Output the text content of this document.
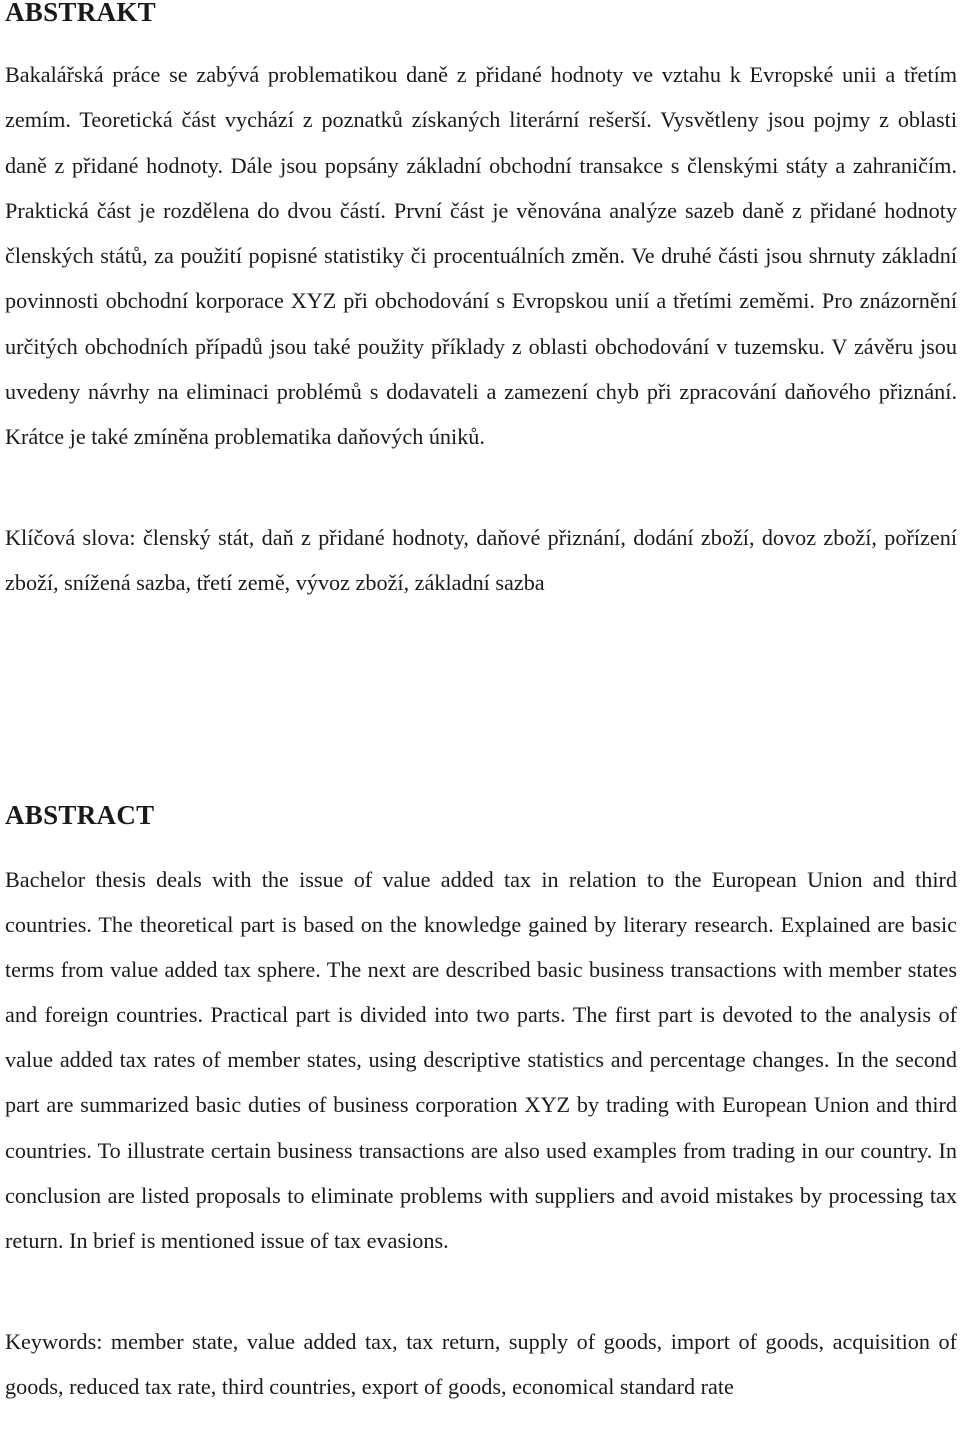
ABSTRAKT

Bakalářská práce se zabývá problematikou daně z přidané hodnoty ve vztahu k Evropské unii a třetím zemím. Teoretická část vychází z poznatků získaných literární rešerší. Vysvětleny jsou pojmy z oblasti daně z přidané hodnoty. Dále jsou popsány základní obchodní transakce s členskými státy a zahraničím. Praktická část je rozdělena do dvou částí. První část je věnována analýze sazeb daně z přidané hodnoty členských států, za použití popisné statistiky či procentuálních změn. Ve druhé části jsou shrnuty základní povinnosti obchodní korporace XYZ při obchodování s Evropskou unií a třetími zeměmi. Pro znázornění určitých obchodních případů jsou také použity příklady z oblasti obchodování v tuzemsku. V závěru jsou uvedeny návrhy na eliminaci problémů s dodavateli a zamezení chyb při zpracování daňového přiznání. Krátce je také zmíněna problematika daňových úniků.

Klíčová slova: členský stát, daň z přidané hodnoty, daňové přiznání, dodání zboží, dovoz zboží, pořízení zboží, snížená sazba, třetí země, vývoz zboží, základní sazba

ABSTRACT

Bachelor thesis deals with the issue of value added tax in relation to the European Union and third countries. The theoretical part is based on the knowledge gained by literary research. Explained are basic terms from value added tax sphere. The next are described basic business transactions with member states and foreign countries. Practical part is divided into two parts. The first part is devoted to the analysis of value added tax rates of member states, using descriptive statistics and percentage changes. In the second part are summarized basic duties of business corporation XYZ by trading with European Union and third countries. To illustrate certain business transactions are also used examples from trading in our country. In conclusion are listed proposals to eliminate problems with suppliers and avoid mistakes by processing tax return. In brief is mentioned issue of tax evasions.

Keywords: member state, value added tax, tax return, supply of goods, import of goods, acquisition of goods, reduced tax rate, third countries, export of goods, economical standard rate
